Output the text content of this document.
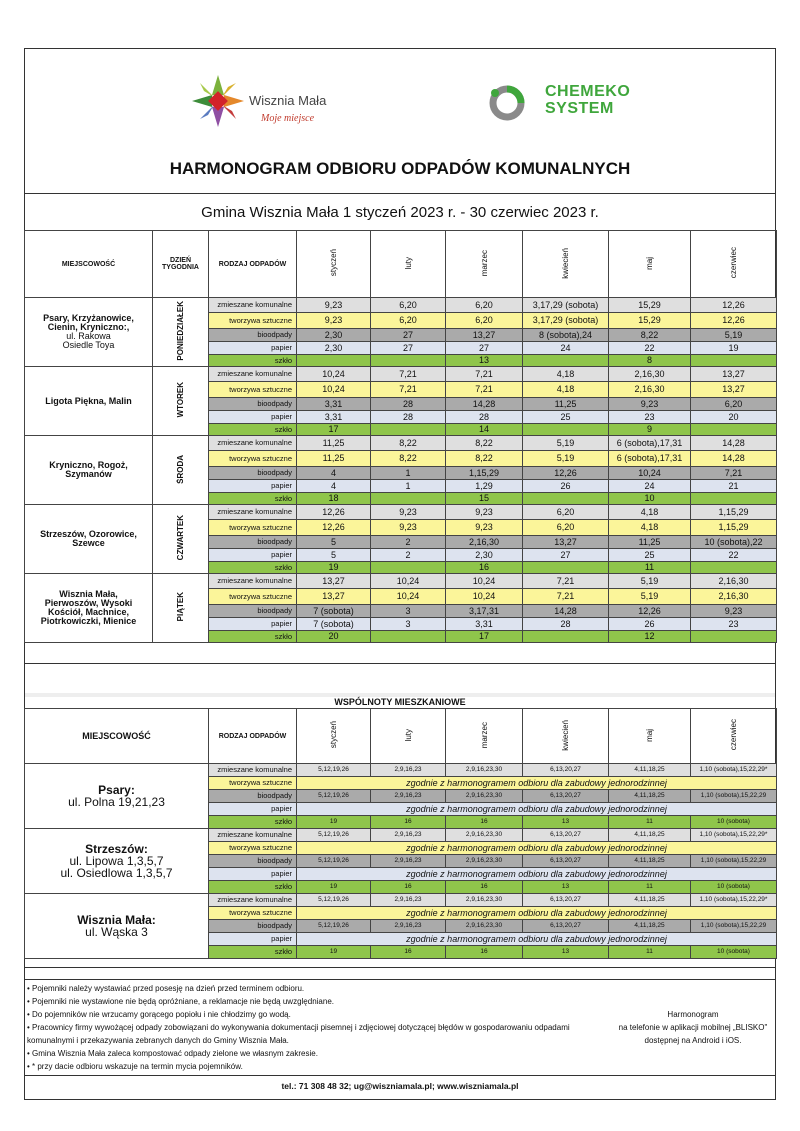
Wisznia Mała
Moje miejsce
CHEMEKO
SYSTEM
HARMONOGRAM ODBIORU ODPADÓW KOMUNALNYCH
Gmina Wisznia Mała 1 styczeń 2023 r. - 30 czerwiec 2023 r.
MIEJSCOWOŚĆ	DZIEŃ
TYGODNIA	RODZAJ ODPADÓW	styczeń	luty	marzec	kwiecień	maj	czerwiec

Psary, Krzyżanowice,
Cienin, Kryniczno:,
ul. Rakowa
Osiedle Toya	PONIEDZIAŁEK	zmieszane komunalne	9,23	6,20	6,20	3,17,29 (sobota)	15,29	12,26
		tworzywa sztuczne	9,23	6,20	6,20	3,17,29 (sobota)	15,29	12,26
		bioodpady	2,30	27	13,27	8 (sobota),24	8,22	5,19
		papier	2,30	27	27	24	22	19
		szkło			13		8	

Ligota Piękna, Malin	WTOREK	zmieszane komunalne	10,24	7,21	7,21	4,18	2,16,30	13,27
		tworzywa sztuczne	10,24	7,21	7,21	4,18	2,16,30	13,27
		bioodpady	3,31	28	14,28	11,25	9,23	6,20
		papier	3,31	28	28	25	23	20
		szkło	17		14		9	

Kryniczno, Rogoż,
Szymanów	ŚRODA	zmieszane komunalne	11,25	8,22	8,22	5,19	6 (sobota),17,31	14,28
		tworzywa sztuczne	11,25	8,22	8,22	5,19	6 (sobota),17,31	14,28
		bioodpady	4	1	1,15,29	12,26	10,24	7,21
		papier	4	1	1,29	26	24	21
		szkło	18		15		10	

Strzeszów, Ozorowice,
Szewce	CZWARTEK	zmieszane komunalne	12,26	9,23	9,23	6,20	4,18	1,15,29
		tworzywa sztuczne	12,26	9,23	9,23	6,20	4,18	1,15,29
		bioodpady	5	2	2,16,30	13,27	11,25	10 (sobota),22
		papier	5	2	2,30	27	25	22
		szkło	19		16		11	

Wisznia Mała,
Pierwoszów, Wysoki
Kościół, Machnice,
Piotrkowiczki, Mienice	PIĄTEK	zmieszane komunalne	13,27	10,24	10,24	7,21	5,19	2,16,30
		tworzywa sztuczne	13,27	10,24	10,24	7,21	5,19	2,16,30
		bioodpady	7 (sobota)	3	3,17,31	14,28	12,26	9,23
		papier	7 (sobota)	3	3,31	28	26	23
		szkło	20		17		12	
WSPÓLNOTY MIESZKANIOWE
MIEJSCOWOŚĆ	RODZAJ ODPADÓW	styczeń	luty	marzec	kwiecień	maj	czerwiec

Psary:
ul. Polna 19,21,23	zmieszane komunalne	5,12,19,26	2,9,16,23	2,9,16,23,30	6,13,20,27	4,11,18,25	1,10 (sobota),15,22,29*
	tworzywa sztuczne	zgodnie z harmonogramem odbioru dla zabudowy jednorodzinnej					
	bioodpady	5,12,19,26	2,9,16,23	2,9,16,23,30	6,13,20,27	4,11,18,25	1,10 (sobota),15,22,29
	papier	zgodnie z harmonogramem odbioru dla zabudowy jednorodzinnej					
	szkło	19	16	16	13	11	10 (sobota)

Strzeszów:
ul. Lipowa 1,3,5,7
ul. Osiedlowa 1,3,5,7	zmieszane komunalne	5,12,19,26	2,9,16,23	2,9,16,23,30	6,13,20,27	4,11,18,25	1,10 (sobota),15,22,29*
	tworzywa sztuczne	zgodnie z harmonogramem odbioru dla zabudowy jednorodzinnej					
	bioodpady	5,12,19,26	2,9,16,23	2,9,16,23,30	6,13,20,27	4,11,18,25	1,10 (sobota),15,22,29
	papier	zgodnie z harmonogramem odbioru dla zabudowy jednorodzinnej					
	szkło	19	16	16	13	11	10 (sobota)

Wisznia Mała:
ul. Wąska 3	zmieszane komunalne	5,12,19,26	2,9,16,23	2,9,16,23,30	6,13,20,27	4,11,18,25	1,10 (sobota),15,22,29*
	tworzywa sztuczne	zgodnie z harmonogramem odbioru dla zabudowy jednorodzinnej					
	bioodpady	5,12,19,26	2,9,16,23	2,9,16,23,30	6,13,20,27	4,11,18,25	1,10 (sobota),15,22,29
	papier	zgodnie z harmonogramem odbioru dla zabudowy jednorodzinnej					
	szkło	19	16	16	13	11	10 (sobota)
• Pojemniki należy wystawiać przed posesję na dzień przed terminem odbioru.
• Pojemniki nie wystawione nie będą opróżniane, a reklamacje nie będą uwzględniane.
• Do pojemników nie wrzucamy gorącego popiołu i nie chłodzimy go wodą.
• Pracownicy firmy wywożącej odpady zobowiązani do wykonywania dokumentacji pisemnej i zdjęciowej dotyczącej błędów w gospodarowaniu odpadami
komunalnymi i przekazywania zebranych danych do Gminy Wisznia Mała.
• Gmina Wisznia Mała zaleca kompostować odpady zielone we własnym zakresie.
• * przy dacie odbioru wskazuje na termin mycia pojemników.
Harmonogram
na telefonie w aplikacji mobilnej „BLISKO"
dostępnej na Android i iOS.
tel.: 71 308 48 32; ug@wiszniamala.pl; www.wiszniamala.pl
